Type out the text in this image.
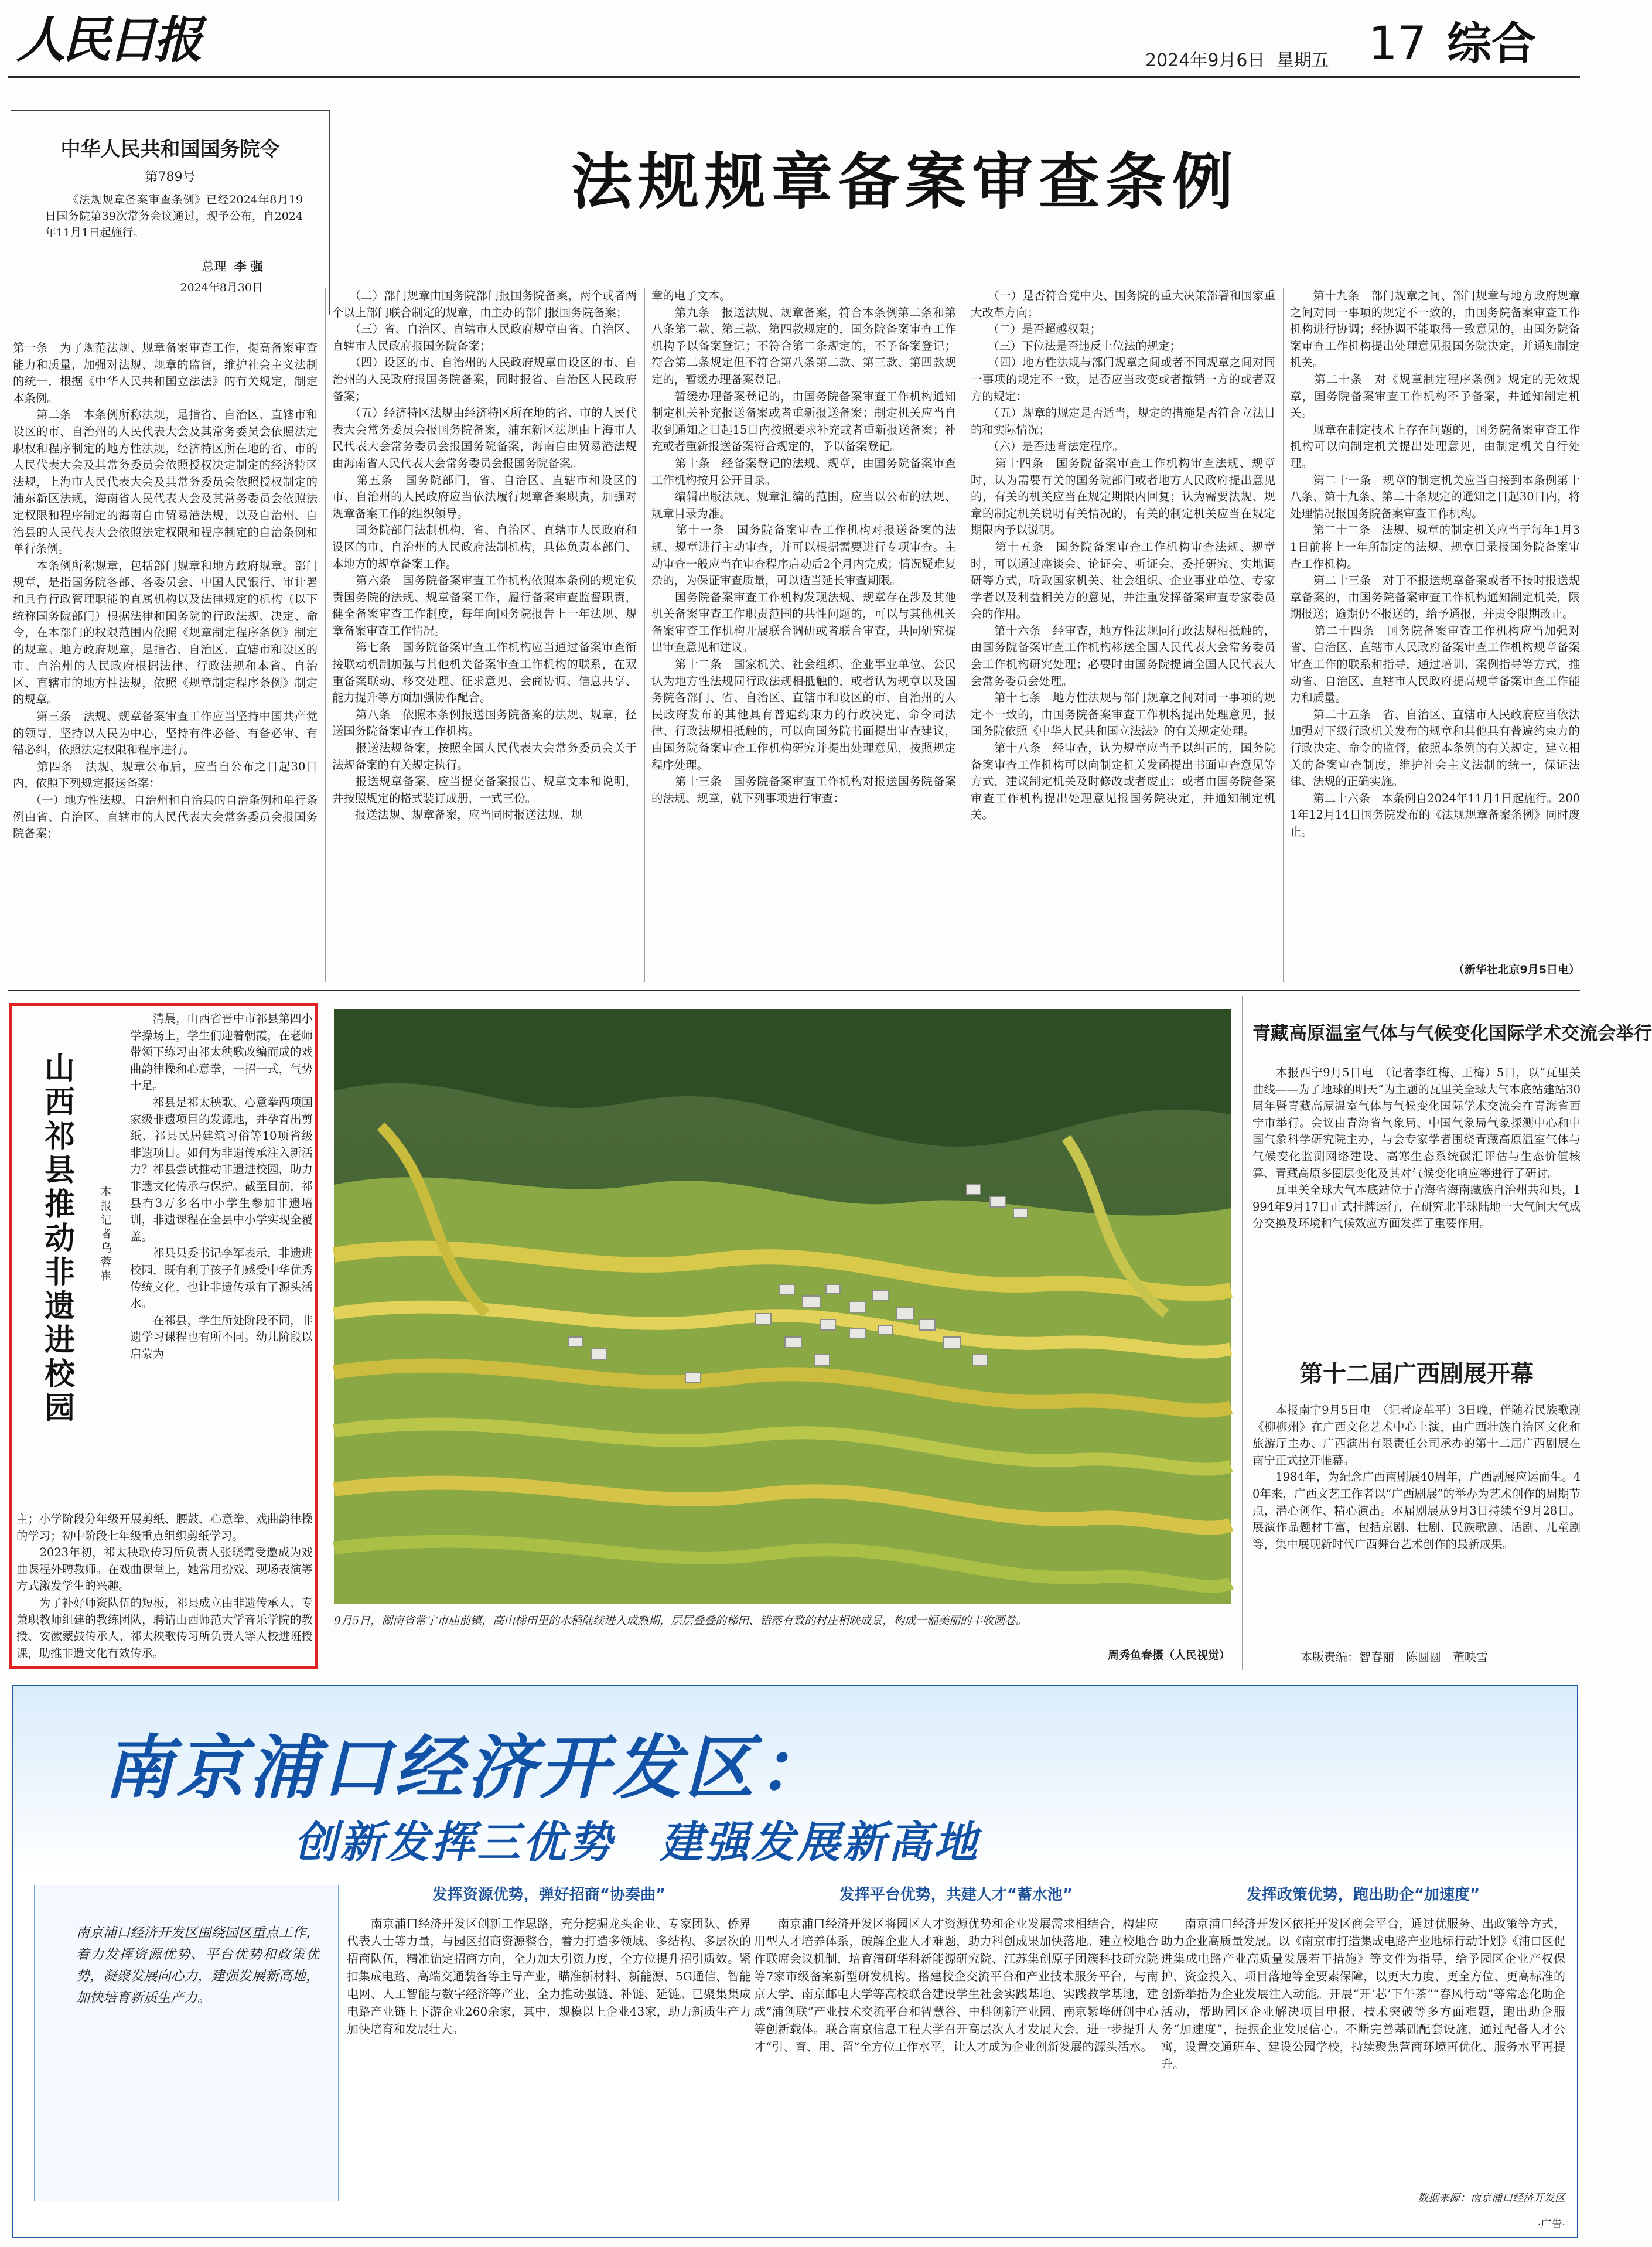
人民日报	2024年9月6日 星期五 17 综合
中华人民共和国国务院令
第789号
《法规规章备案审查条例》已经2024年8月19日国务院第39次常务会议通过，现予公布，自2024年11月1日起施行。
总理 李 强
2024年8月30日
法规规章备案审查条例
第一条　为了规范法规、规章备案审查工作，提高备案审查能力和质量，加强对法规、规章的监督，维护社会主义法制的统一，根据《中华人民共和国立法法》的有关规定，制定本条例。
　　第二条　本条例所称法规，是指省、自治区、直辖市和设区的市、自治州的人民代表大会及其常务委员会依照法定职权和程序制定的地方性法规，经济特区所在地的省、市的人民代表大会及其常务委员会依照授权决定制定的经济特区法规，上海市人民代表大会及其常务委员会依照授权制定的浦东新区法规，海南省人民代表大会及其常务委员会依照法定权限和程序制定的海南自由贸易港法规，以及自治州、自治县的人民代表大会依照法定权限和程序制定的自治条例和单行条例。
　　本条例所称规章，包括部门规章和地方政府规章。部门规章，是指国务院各部、各委员会、中国人民银行、审计署和具有行政管理职能的直属机构以及法律规定的机构（以下统称国务院部门）根据法律和国务院的行政法规、决定、命令，在本部门的权限范围内依照《规章制定程序条例》制定的规章。地方政府规章，是指省、自治区、直辖市和设区的市、自治州的人民政府根据法律、行政法规和本省、自治区、直辖市的地方性法规，依照《规章制定程序条例》制定的规章。
　　第三条　法规、规章备案审查工作应当坚持中国共产党的领导，坚持以人民为中心，坚持有件必备、有备必审、有错必纠，依照法定权限和程序进行。
　　第四条　法规、规章公布后，应当自公布之日起30日内，依照下列规定报送备案：
　　（一）地方性法规、自治州和自治县的自治条例和单行条例由省、自治区、直辖市的人民代表大会常务委员会报国务院备案；
　　（二）部门规章由国务院部门报国务院备案，两个或者两个以上部门联合制定的规章，由主办的部门报国务院备案；
　　（三）省、自治区、直辖市人民政府规章由省、自治区、直辖市人民政府报国务院备案；
　　（四）设区的市、自治州的人民政府规章由设区的市、自治州的人民政府报国务院备案，同时报省、自治区人民政府备案；
　　（五）经济特区法规由经济特区所在地的省、市的人民代表大会常务委员会报国务院备案，浦东新区法规由上海市人民代表大会常务委员会报国务院备案，海南自由贸易港法规由海南省人民代表大会常务委员会报国务院备案。
　　第五条　国务院部门，省、自治区、直辖市和设区的市、自治州的人民政府应当依法履行规章备案职责，加强对规章备案工作的组织领导。
　　国务院部门法制机构，省、自治区、直辖市人民政府和设区的市、自治州的人民政府法制机构，具体负责本部门、本地方的规章备案工作。
　　第六条　国务院备案审查工作机构依照本条例的规定负责国务院的法规、规章备案工作，履行备案审查监督职责，健全备案审查工作制度，每年向国务院报告上一年法规、规章备案审查工作情况。
　　第七条　国务院备案审查工作机构应当通过备案审查衔接联动机制加强与其他机关备案审查工作机构的联系，在双重备案联动、移交处理、征求意见、会商协调、信息共享、能力提升等方面加强协作配合。
　　第八条　依照本条例报送国务院备案的法规、规章，径送国务院备案审查工作机构。
　　报送法规备案，按照全国人民代表大会常务委员会关于法规备案的有关规定执行。
　　报送规章备案，应当提交备案报告、规章文本和说明，并按照规定的格式装订成册，一式三份。
　　报送法规、规章备案，应当同时报送法规、规
章的电子文本。
　　第九条　报送法规、规章备案，符合本条例第二条和第八条第二款、第三款、第四款规定的，国务院备案审查工作机构予以备案登记；不符合第二条规定的，不予备案登记；符合第二条规定但不符合第八条第二款、第三款、第四款规定的，暂缓办理备案登记。
　　暂缓办理备案登记的，由国务院备案审查工作机构通知制定机关补充报送备案或者重新报送备案；制定机关应当自收到通知之日起15日内按照要求补充或者重新报送备案；补充或者重新报送备案符合规定的，予以备案登记。
　　第十条　经备案登记的法规、规章，由国务院备案审查工作机构按月公开目录。
　　编辑出版法规、规章汇编的范围，应当以公布的法规、规章目录为准。
　　第十一条　国务院备案审查工作机构对报送备案的法规、规章进行主动审查，并可以根据需要进行专项审查。主动审查一般应当在审查程序启动后2个月内完成；情况疑难复杂的，为保证审查质量，可以适当延长审查期限。
　　国务院备案审查工作机构发现法规、规章存在涉及其他机关备案审查工作职责范围的共性问题的，可以与其他机关备案审查工作机构开展联合调研或者联合审查，共同研究提出审查意见和建议。
　　第十二条　国家机关、社会组织、企业事业单位、公民认为地方性法规同行政法规相抵触的，或者认为规章以及国务院各部门、省、自治区、直辖市和设区的市、自治州的人民政府发布的其他具有普遍约束力的行政决定、命令同法律、行政法规相抵触的，可以向国务院书面提出审查建议，由国务院备案审查工作机构研究并提出处理意见，按照规定程序处理。
　　第十三条　国务院备案审查工作机构对报送国务院备案的法规、规章，就下列事项进行审查：
　　（一）是否符合党中央、国务院的重大决策部署和国家重大改革方向；
　　（二）是否超越权限；
　　（三）下位法是否违反上位法的规定；
　　（四）地方性法规与部门规章之间或者不同规章之间对同一事项的规定不一致，是否应当改变或者撤销一方的或者双方的规定；
　　（五）规章的规定是否适当，规定的措施是否符合立法目的和实际情况；
　　（六）是否违背法定程序。
　　第十四条　国务院备案审查工作机构审查法规、规章时，认为需要有关的国务院部门或者地方人民政府提出意见的，有关的机关应当在规定期限内回复；认为需要法规、规章的制定机关说明有关情况的，有关的制定机关应当在规定期限内予以说明。
　　第十五条　国务院备案审查工作机构审查法规、规章时，可以通过座谈会、论证会、听证会、委托研究、实地调研等方式，听取国家机关、社会组织、企业事业单位、专家学者以及利益相关方的意见，并注重发挥备案审查专家委员会的作用。
　　第十六条　经审查，地方性法规同行政法规相抵触的，由国务院备案审查工作机构移送全国人民代表大会常务委员会工作机构研究处理；必要时由国务院提请全国人民代表大会常务委员会处理。
　　第十七条　地方性法规与部门规章之间对同一事项的规定不一致的，由国务院备案审查工作机构提出处理意见，报国务院依照《中华人民共和国立法法》的有关规定处理。
　　第十八条　经审查，认为规章应当予以纠正的，国务院备案审查工作机构可以向制定机关发函提出书面审查意见等方式，建议制定机关及时修改或者废止；或者由国务院备案审查工作机构提出处理意见报国务院决定，并通知制定机关。
　　第十九条　部门规章之间、部门规章与地方政府规章之间对同一事项的规定不一致的，由国务院备案审查工作机构进行协调；经协调不能取得一致意见的，由国务院备案审查工作机构提出处理意见报国务院决定，并通知制定机关。
　　第二十条　对《规章制定程序条例》规定的无效规章，国务院备案审查工作机构不予备案，并通知制定机关。
　　规章在制定技术上存在问题的，国务院备案审查工作机构可以向制定机关提出处理意见，由制定机关自行处理。
　　第二十一条　规章的制定机关应当自接到本条例第十八条、第十九条、第二十条规定的通知之日起30日内，将处理情况报国务院备案审查工作机构。
　　第二十二条　法规、规章的制定机关应当于每年1月31日前将上一年所制定的法规、规章目录报国务院备案审查工作机构。
　　第二十三条　对于不报送规章备案或者不按时报送规章备案的，由国务院备案审查工作机构通知制定机关，限期报送；逾期仍不报送的，给予通报，并责令限期改正。
　　第二十四条　国务院备案审查工作机构应当加强对省、自治区、直辖市人民政府备案审查工作机构规章备案审查工作的联系和指导，通过培训、案例指导等方式，推动省、自治区、直辖市人民政府提高规章备案审查工作能力和质量。
　　第二十五条　省、自治区、直辖市人民政府应当依法加强对下级行政机关发布的规章和其他具有普遍约束力的行政决定、命令的监督，依照本条例的有关规定，建立相关的备案审查制度，维护社会主义法制的统一，保证法律、法规的正确实施。
　　第二十六条　本条例自2024年11月1日起施行。2001年12月14日国务院发布的《法规规章备案条例》同时废止。
（新华社北京9月5日电）
山西祁县推动非遗进校园
本报记者　乌　　蓉　　崔
　　清晨，山西省晋中市祁县第四小学操场上，学生们迎着朝霞，在老师带领下练习由祁太秧歌改编而成的戏曲韵律操和心意拳，一招一式，气势十足。
　　祁县是祁太秧歌、心意拳两项国家级非遗项目的发源地，并孕育出剪纸、祁县民居建筑习俗等10项省级非遗项目。如何为非遗传承注入新活力？祁县尝试推动非遗进校园，助力非遗文化传承与保护。截至目前，祁县有3万多名中小学生参加非遗培训，非遗课程在全县中小学实现全覆盖。
　　祁县县委书记李军表示，非遗进校园，既有利于孩子们感受中华优秀传统文化，也让非遗传承有了源头活水。
　　在祁县，学生所处阶段不同，非遗学习课程也有所不同。幼儿阶段以启蒙为
主；小学阶段分年级开展剪纸、腰鼓、心意拳、戏曲韵律操的学习；初中阶段七年级重点组织剪纸学习。
　　2023年初，祁太秧歌传习所负责人张晓霞受邀成为戏曲课程外聘教师。在戏曲课堂上，她常用扮戏、现场表演等方式激发学生的兴趣。
　　为了补好师资队伍的短板，祁县成立由非遗传承人、专兼职教师组建的教练团队，聘请山西师范大学音乐学院的教授、安徽蒙鼓传承人、祁太秧歌传习所负责人等人校进班授课，助推非遗文化有效传承。
9月5日，湖南省常宁市庙前镇，高山梯田里的水稻陆续进入成熟期，层层叠叠的梯田、错落有致的村庄相映成景，构成一幅美丽的丰收画卷。
周秀鱼春摄（人民视觉）
青藏高原温室气体与气候变化国际学术交流会举行
　　本报西宁9月5日电　（记者李红梅、王梅）5日，以“瓦里关曲线——为了地球的明天”为主题的瓦里关全球大气本底站建站30周年暨青藏高原温室气体与气候变化国际学术交流会在青海省西宁市举行。会议由青海省气象局、中国气象局气象探测中心和中国气象科学研究院主办，与会专家学者围绕青藏高原温室气体与气候变化监测网络建设、高寒生态系统碳汇评估与生态价值核算、青藏高原多圈层变化及其对气候变化响应等进行了研讨。
　　瓦里关全球大气本底站位于青海省海南藏族自治州共和县，1994年9月17日正式挂牌运行，在研究北半球陆地一大气间大气成分交换及环境和气候效应方面发挥了重要作用。
第十二届广西剧展开幕
　　本报南宁9月5日电　（记者庞革平）3日晚，伴随着民族歌剧《柳柳州》在广西文化艺术中心上演，由广西壮族自治区文化和旅游厅主办、广西演出有限责任公司承办的第十二届广西剧展在南宁正式拉开帷幕。
　　1984年，为纪念广西南剧展40周年，广西剧展应运而生。40年来，广西文艺工作者以“广西剧展”的举办为艺术创作的周期节点，潜心创作、精心演出。本届剧展从9月3日持续至9月28日。展演作品题材丰富，包括京剧、壮剧、民族歌剧、话剧、儿童剧等，集中展现新时代广西舞台艺术创作的最新成果。
本版责编：智春丽　陈圆圆　董映雪
南京浦口经济开发区：
创新发挥三优势　建强发展新高地
南京浦口经济开发区围绕园区重点工作，着力发挥资源优势、平台优势和政策优势，凝聚发展向心力，建强发展新高地，加快培育新质生产力。
发挥资源优势，弹好招商“协奏曲”
　　南京浦口经济开发区创新工作思路，充分挖掘龙头企业、专家团队、侨界代表人士等力量，与园区招商资源整合，着力打造多领域、多结构、多层次的招商队伍，精准锚定招商方向，全力加大引资力度，全方位提升招引质效。紧扣集成电路、高端交通装备等主导产业，瞄准新材料、新能源、5G通信、智能电网、人工智能与数字经济等产业，全力推动强链、补链、延链。已聚集集成电路产业链上下游企业260余家，其中，规模以上企业43家，助力新质生产力加快培育和发展壮大。
发挥平台优势，共建人才“蓄水池”
　　南京浦口经济开发区将园区人才资源优势和企业发展需求相结合，构建应用型人才培养体系，破解企业人才难题，助力科创成果加快落地。建立校地合作联席会议机制，培育清研华科新能源研究院、江苏集创原子团簇科技研究院等7家市级备案新型研发机构。搭建校企交流平台和产业技术服务平台，与南京大学、南京邮电大学等高校联合建设学生社会实践基地、实践教学基地，建成“浦创联”产业技术交流平台和智慧谷、中科创新产业园、南京紫峰研创中心等创新载体。联合南京信息工程大学召开高层次人才发展大会，进一步提升人才“引、育、用、留”全方位工作水平，让人才成为企业创新发展的源头活水。
发挥政策优势，跑出助企“加速度”
　　南京浦口经济开发区依托开发区商会平台，通过优服务、出政策等方式，助力企业高质量发展。以《南京市打造集成电路产业地标行动计划》《浦口区促进集成电路产业高质量发展若干措施》等文件为指导，给予园区企业产权保护、资金投入、项目落地等全要素保障，以更大力度、更全方位、更高标准的创新举措为企业发展注入动能。开展“开‘芯’下午茶”“春风行动”等常态化助企活动，帮助园区企业解决项目申报、技术突破等多方面难题，跑出助企服务“加速度”，提振企业发展信心。不断完善基础配套设施，通过配备人才公寓，设置交通班车、建设公园学校，持续聚焦营商环境再优化、服务水平再提升。
数据来源：南京浦口经济开发区
·广告·
